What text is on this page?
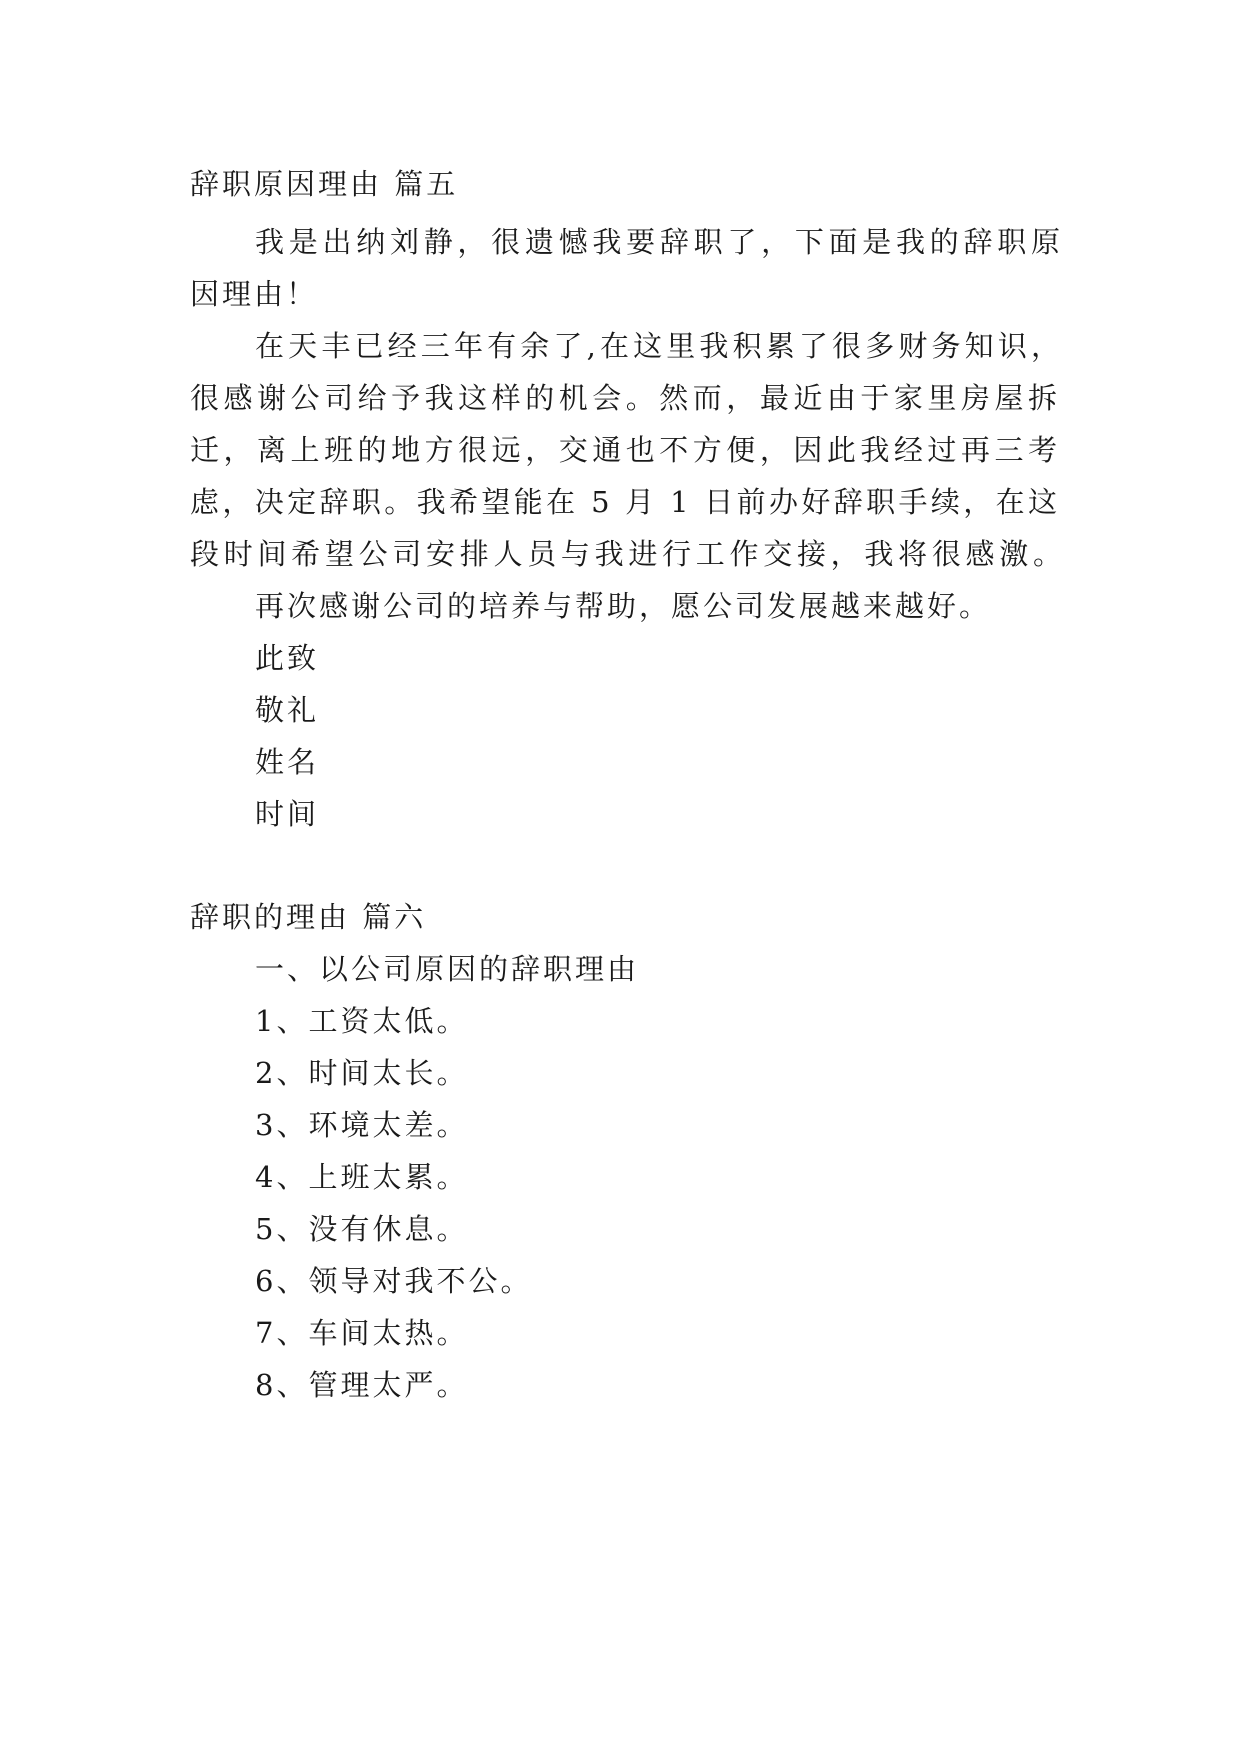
辞职原因理由 篇五
我是出纳刘静，很遗憾我要辞职了，下面是我的辞职原
因理由！
在天丰已经三年有余了,在这里我积累了很多财务知识，
很感谢公司给予我这样的机会。然而，最近由于家里房屋拆
迁，离上班的地方很远，交通也不方便，因此我经过再三考
虑，决定辞职。我希望能在 5 月 1 日前办好辞职手续，在这
段时间希望公司安排人员与我进行工作交接，我将很感激。
再次感谢公司的培养与帮助，愿公司发展越来越好。
此致
敬礼
姓名
时间
辞职的理由 篇六
一、以公司原因的辞职理由
1、工资太低。
2、时间太长。
3、环境太差。
4、上班太累。
5、没有休息。
6、领导对我不公。
7、车间太热。
8、管理太严。
